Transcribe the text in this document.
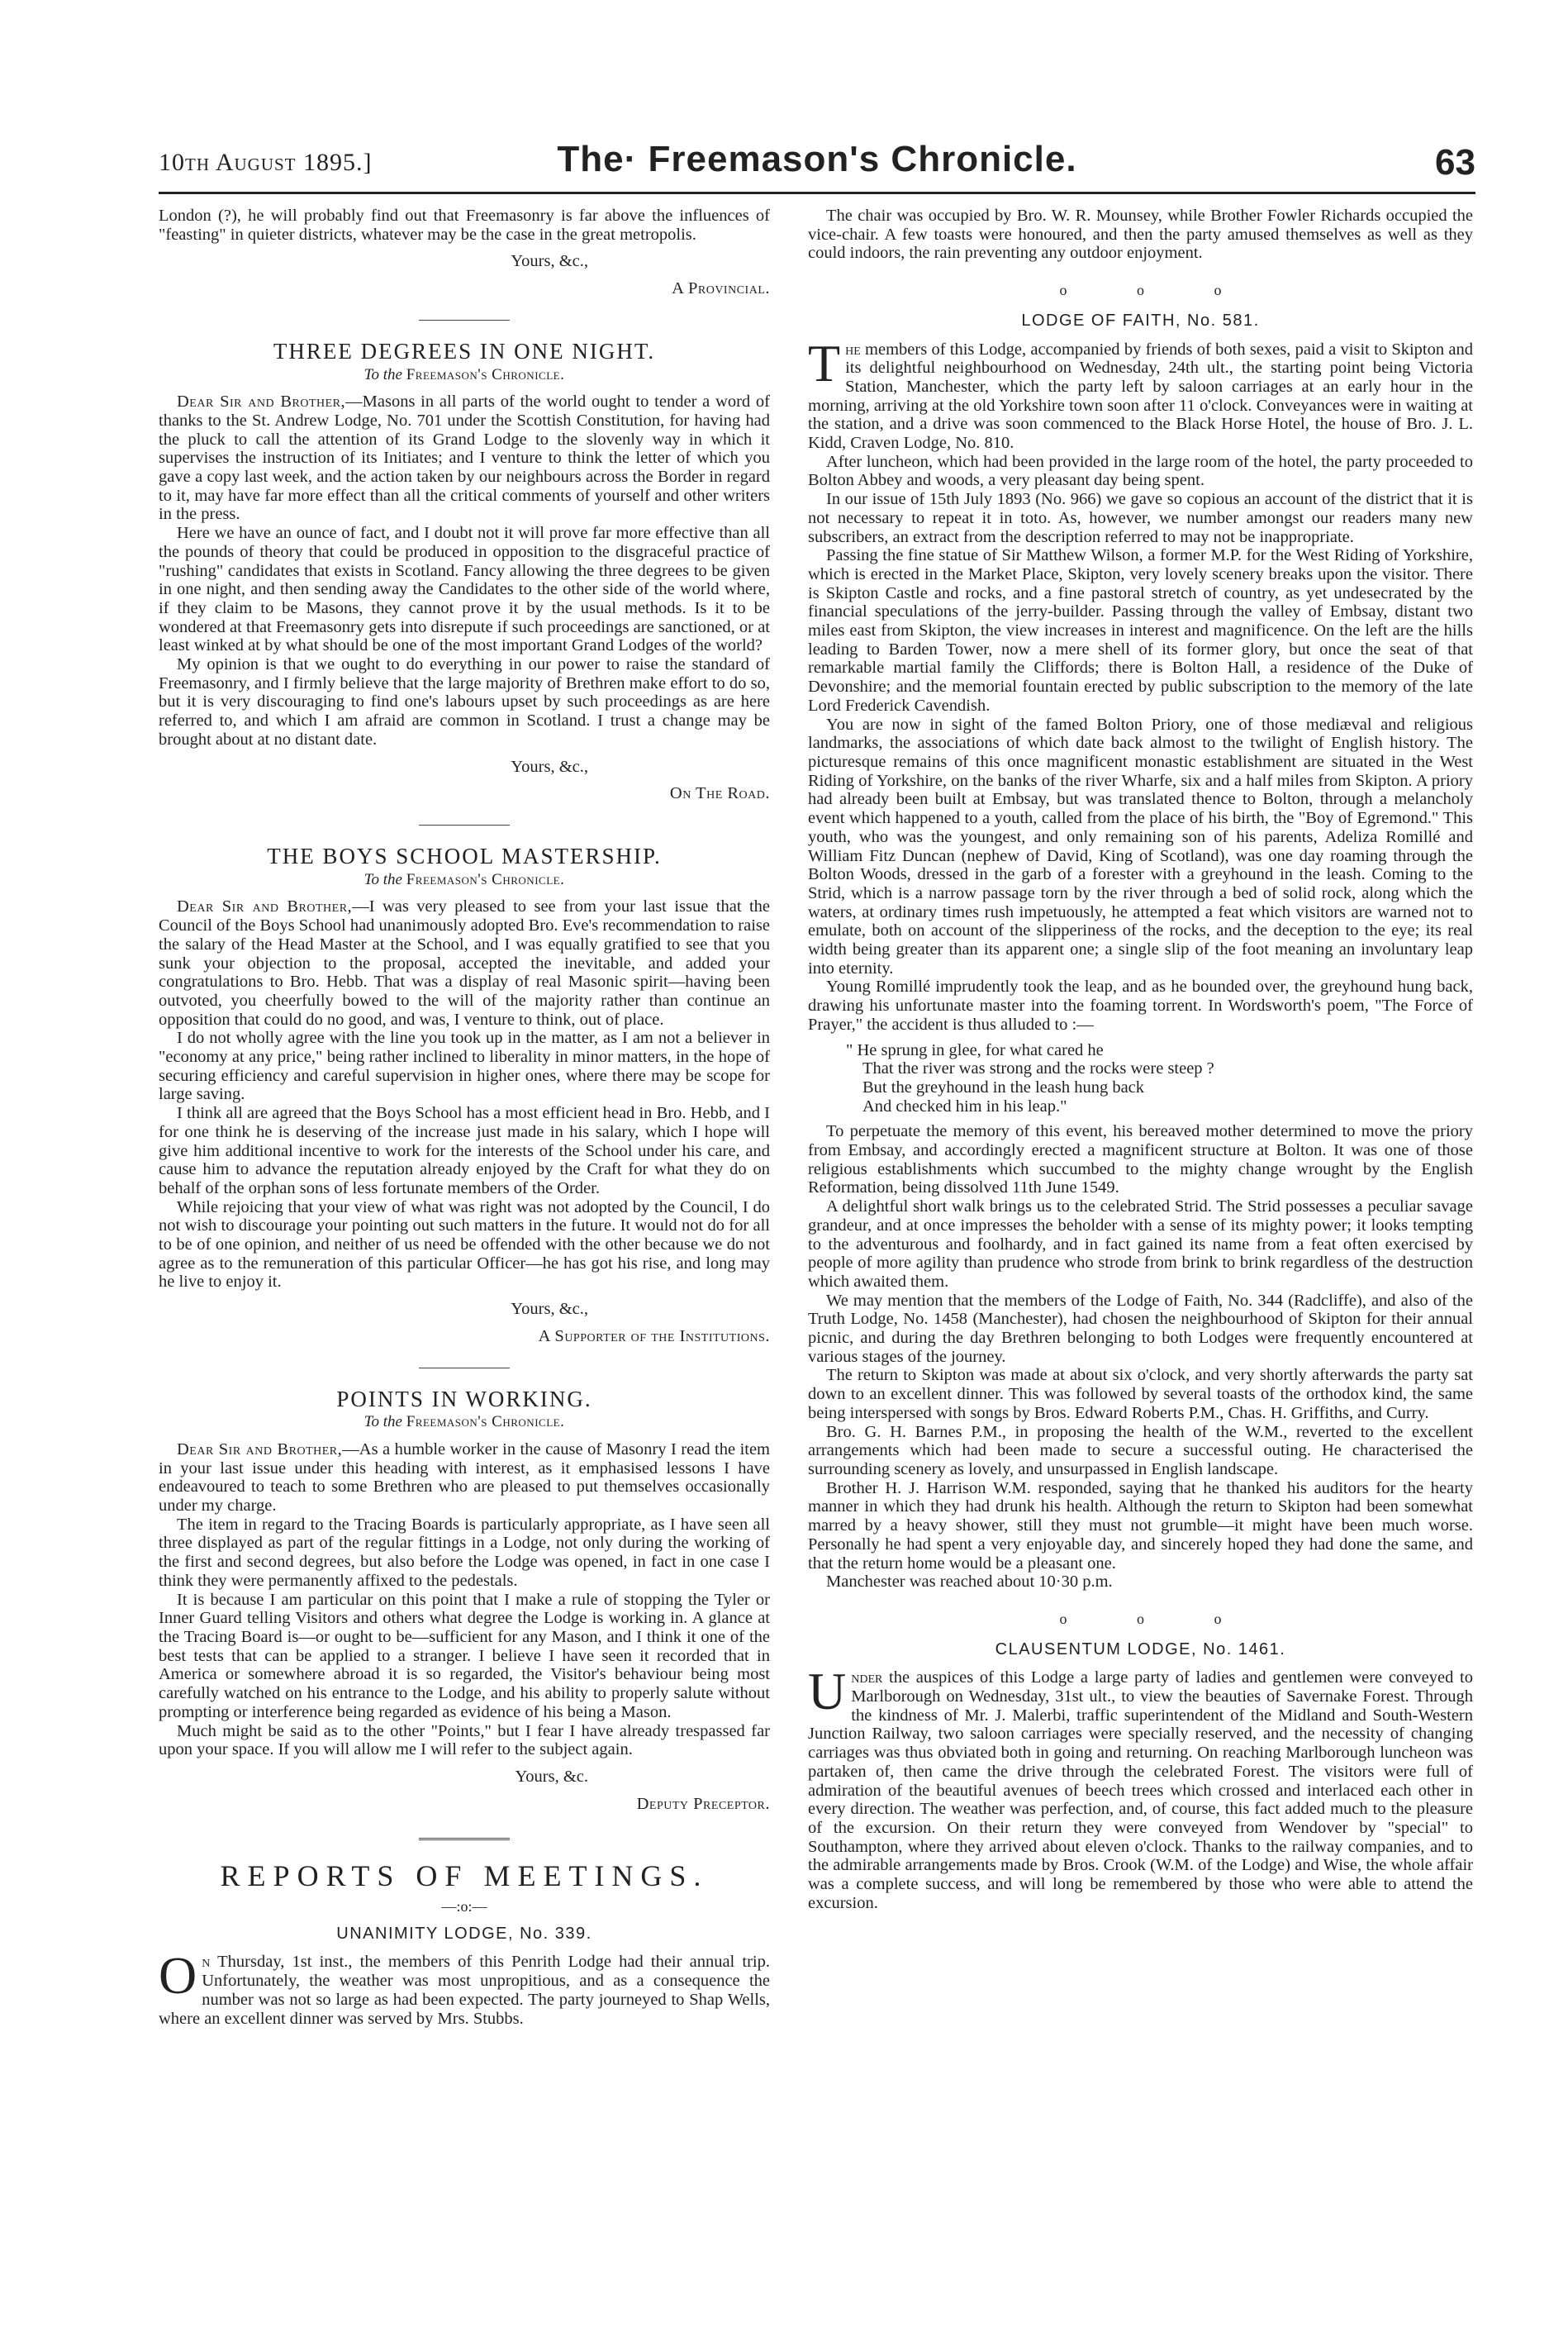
10th August 1895.]	The· Freemason's Chronicle.	63

London (?), he will probably find out that Freemasonry is far above the influences of "feasting" in quieter districts, whatever may be the case in the great metropolis.

Yours, &c.,
A Provincial.
THREE DEGREES IN ONE NIGHT.
To the Freemason's Chronicle.

Dear Sir and Brother,—Masons in all parts of the world ought to tender a word of thanks to the St. Andrew Lodge, No. 701 under the Scottish Constitution, for having had the pluck to call the attention of its Grand Lodge to the slovenly way in which it supervises the instruction of its Initiates; and I venture to think the letter of which you gave a copy last week, and the action taken by our neighbours across the Border in regard to it, may have far more effect than all the critical comments of yourself and other writers in the press.

Here we have an ounce of fact, and I doubt not it will prove far more effective than all the pounds of theory that could be produced in opposition to the disgraceful practice of "rushing" candidates that exists in Scotland. Fancy allowing the three degrees to be given in one night, and then sending away the Candidates to the other side of the world where, if they claim to be Masons, they cannot prove it by the usual methods. Is it to be wondered at that Freemasonry gets into disrepute if such proceedings are sanctioned, or at least winked at by what should be one of the most important Grand Lodges of the world?

My opinion is that we ought to do everything in our power to raise the standard of Freemasonry, and I firmly believe that the large majority of Brethren make effort to do so, but it is very discouraging to find one's labours upset by such proceedings as are here referred to, and which I am afraid are common in Scotland. I trust a change may be brought about at no distant date.

Yours, &c.,
On The Road.
THE BOYS SCHOOL MASTERSHIP.
To the Freemason's Chronicle.

Dear Sir and Brother,—I was very pleased to see from your last issue that the Council of the Boys School had unanimously adopted Bro. Eve's recommendation to raise the salary of the Head Master at the School, and I was equally gratified to see that you sunk your objection to the proposal, accepted the inevitable, and added your congratulations to Bro. Hebb. That was a display of real Masonic spirit—having been outvoted, you cheerfully bowed to the will of the majority rather than continue an opposition that could do no good, and was, I venture to think, out of place.

I do not wholly agree with the line you took up in the matter, as I am not a believer in "economy at any price," being rather inclined to liberality in minor matters, in the hope of securing efficiency and careful supervision in higher ones, where there may be scope for large saving.

I think all are agreed that the Boys School has a most efficient head in Bro. Hebb, and I for one think he is deserving of the increase just made in his salary, which I hope will give him additional incentive to work for the interests of the School under his care, and cause him to advance the reputation already enjoyed by the Craft for what they do on behalf of the orphan sons of less fortunate members of the Order.

While rejoicing that your view of what was right was not adopted by the Council, I do not wish to discourage your pointing out such matters in the future. It would not do for all to be of one opinion, and neither of us need be offended with the other because we do not agree as to the remuneration of this particular Officer—he has got his rise, and long may he live to enjoy it.

Yours, &c.,
A Supporter of the Institutions.
POINTS IN WORKING.
To the Freemason's Chronicle.

Dear Sir and Brother,—As a humble worker in the cause of Masonry I read the item in your last issue under this heading with interest, as it emphasised lessons I have endeavoured to teach to some Brethren who are pleased to put themselves occasionally under my charge.

The item in regard to the Tracing Boards is particularly appropriate, as I have seen all three displayed as part of the regular fittings in a Lodge, not only during the working of the first and second degrees, but also before the Lodge was opened, in fact in one case I think they were permanently affixed to the pedestals.

It is because I am particular on this point that I make a rule of stopping the Tyler or Inner Guard telling Visitors and others what degree the Lodge is working in. A glance at the Tracing Board is—or ought to be—sufficient for any Mason, and I think it one of the best tests that can be applied to a stranger. I believe I have seen it recorded that in America or somewhere abroad it is so regarded, the Visitor's behaviour being most carefully watched on his entrance to the Lodge, and his ability to properly salute without prompting or interference being regarded as evidence of his being a Mason.

Much might be said as to the other "Points," but I fear I have already trespassed far upon your space. If you will allow me I will refer to the subject again.

Yours, &c.
Deputy Preceptor.
REPORTS OF MEETINGS.
—:o:—
UNANIMITY LODGE, No. 339.

On Thursday, 1st inst., the members of this Penrith Lodge had their annual trip. Unfortunately, the weather was most unpropitious, and as a consequence the number was not so large as had been expected. The party journeyed to Shap Wells, where an excellent dinner was served by Mrs. Stubbs.

The chair was occupied by Bro. W. R. Mounsey, while Brother Fowler Richards occupied the vice-chair. A few toasts were honoured, and then the party amused themselves as well as they could indoors, the rain preventing any outdoor enjoyment.

o o o
LODGE OF FAITH, No. 581.

The members of this Lodge, accompanied by friends of both sexes, paid a visit to Skipton and its delightful neighbourhood on Wednesday, 24th ult., the starting point being Victoria Station, Manchester, which the party left by saloon carriages at an early hour in the morning, arriving at the old Yorkshire town soon after 11 o'clock. Conveyances were in waiting at the station, and a drive was soon commenced to the Black Horse Hotel, the house of Bro. J. L. Kidd, Craven Lodge, No. 810.

After luncheon, which had been provided in the large room of the hotel, the party proceeded to Bolton Abbey and woods, a very pleasant day being spent.

In our issue of 15th July 1893 (No. 966) we gave so copious an account of the district that it is not necessary to repeat it in toto. As, however, we number amongst our readers many new subscribers, an extract from the description referred to may not be inappropriate.

Passing the fine statue of Sir Matthew Wilson, a former M.P. for the West Riding of Yorkshire, which is erected in the Market Place, Skipton, very lovely scenery breaks upon the visitor. There is Skipton Castle and rocks, and a fine pastoral stretch of country, as yet undesecrated by the financial speculations of the jerry-builder. Passing through the valley of Embsay, distant two miles east from Skipton, the view increases in interest and magnificence. On the left are the hills leading to Barden Tower, now a mere shell of its former glory, but once the seat of that remarkable martial family the Cliffords; there is Bolton Hall, a residence of the Duke of Devonshire; and the memorial fountain erected by public subscription to the memory of the late Lord Frederick Cavendish.

You are now in sight of the famed Bolton Priory, one of those mediæval and religious landmarks, the associations of which date back almost to the twilight of English history. The picturesque remains of this once magnificent monastic establishment are situated in the West Riding of Yorkshire, on the banks of the river Wharfe, six and a half miles from Skipton. A priory had already been built at Embsay, but was translated thence to Bolton, through a melancholy event which happened to a youth, called from the place of his birth, the "Boy of Egremond." This youth, who was the youngest, and only remaining son of his parents, Adeliza Romillé and William Fitz Duncan (nephew of David, King of Scotland), was one day roaming through the Bolton Woods, dressed in the garb of a forester with a greyhound in the leash. Coming to the Strid, which is a narrow passage torn by the river through a bed of solid rock, along which the waters, at ordinary times rush impetuously, he attempted a feat which visitors are warned not to emulate, both on account of the slipperiness of the rocks, and the deception to the eye; its real width being greater than its apparent one; a single slip of the foot meaning an involuntary leap into eternity.

Young Romillé imprudently took the leap, and as he bounded over, the greyhound hung back, drawing his unfortunate master into the foaming torrent. In Wordsworth's poem, "The Force of Prayer," the accident is thus alluded to :—

" He sprung in glee, for what cared he
That the river was strong and the rocks were steep ?
But the greyhound in the leash hung back
And checked him in his leap."

To perpetuate the memory of this event, his bereaved mother determined to move the priory from Embsay, and accordingly erected a magnificent structure at Bolton. It was one of those religious establishments which succumbed to the mighty change wrought by the English Reformation, being dissolved 11th June 1549.

A delightful short walk brings us to the celebrated Strid. The Strid possesses a peculiar savage grandeur, and at once impresses the beholder with a sense of its mighty power; it looks tempting to the adventurous and foolhardy, and in fact gained its name from a feat often exercised by people of more agility than prudence who strode from brink to brink regardless of the destruction which awaited them.

We may mention that the members of the Lodge of Faith, No. 344 (Radcliffe), and also of the Truth Lodge, No. 1458 (Manchester), had chosen the neighbourhood of Skipton for their annual picnic, and during the day Brethren belonging to both Lodges were frequently encountered at various stages of the journey.

The return to Skipton was made at about six o'clock, and very shortly afterwards the party sat down to an excellent dinner. This was followed by several toasts of the orthodox kind, the same being interspersed with songs by Bros. Edward Roberts P.M., Chas. H. Griffiths, and Curry.

Bro. G. H. Barnes P.M., in proposing the health of the W.M., reverted to the excellent arrangements which had been made to secure a successful outing. He characterised the surrounding scenery as lovely, and unsurpassed in English landscape.

Brother H. J. Harrison W.M. responded, saying that he thanked his auditors for the hearty manner in which they had drunk his health. Although the return to Skipton had been somewhat marred by a heavy shower, still they must not grumble—it might have been much worse. Personally he had spent a very enjoyable day, and sincerely hoped they had done the same, and that the return home would be a pleasant one.

Manchester was reached about 10·30 p.m.

o o o
CLAUSENTUM LODGE, No. 1461.

Under the auspices of this Lodge a large party of ladies and gentlemen were conveyed to Marlborough on Wednesday, 31st ult., to view the beauties of Savernake Forest. Through the kindness of Mr. J. Malerbi, traffic superintendent of the Midland and South-Western Junction Railway, two saloon carriages were specially reserved, and the necessity of changing carriages was thus obviated both in going and returning. On reaching Marlborough luncheon was partaken of, then came the drive through the celebrated Forest. The visitors were full of admiration of the beautiful avenues of beech trees which crossed and interlaced each other in every direction. The weather was perfection, and, of course, this fact added much to the pleasure of the excursion. On their return they were conveyed from Wendover by "special" to Southampton, where they arrived about eleven o'clock. Thanks to the railway companies, and to the admirable arrangements made by Bros. Crook (W.M. of the Lodge) and Wise, the whole affair was a complete success, and will long be remembered by those who were able to attend the excursion.
